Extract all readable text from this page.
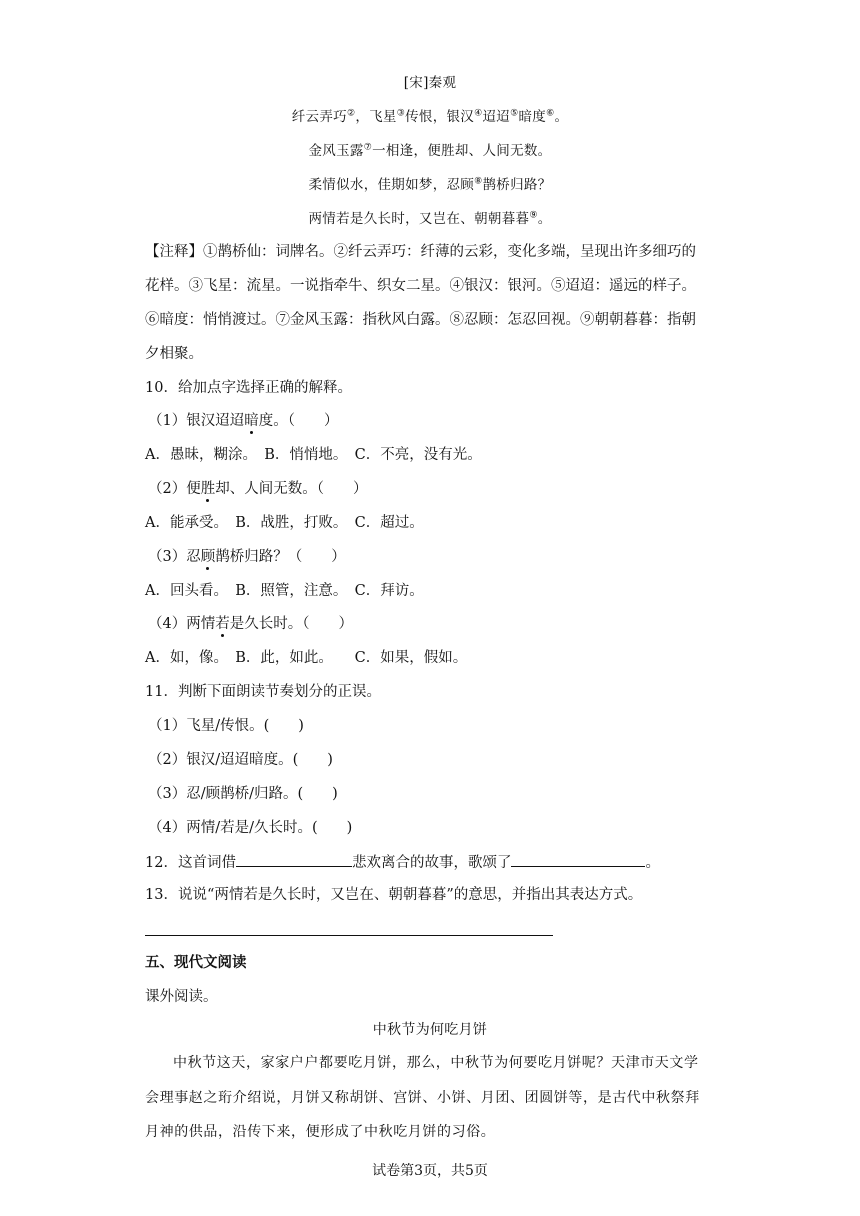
[宋]秦观
纤云弄巧②，飞星③传恨，银汉④迢迢⑤暗度⑥。
金风玉露⑦一相逢，便胜却、人间无数。
柔情似水，佳期如梦，忍顾⑧鹊桥归路？
两情若是久长时，又岂在、朝朝暮暮⑨。
【注释】①鹊桥仙：词牌名。②纤云弄巧：纤薄的云彩，变化多端，呈现出许多细巧的
花样。③飞星：流星。一说指牵牛、织女二星。④银汉：银河。⑤迢迢：遥远的样子。
⑥暗度：悄悄渡过。⑦金风玉露：指秋风白露。⑧忍顾：怎忍回视。⑨朝朝暮暮：指朝
夕相聚。
10．给加点字选择正确的解释。
（1）银汉迢迢暗度。（　　）
A．愚昧，糊涂。　B．悄悄地。　C．不亮，没有光。
（2）便胜却、人间无数。（　　）
A．能承受。　B．战胜，打败。　C．超过。
（3）忍顾鹊桥归路？（　　）
A．回头看。　B．照管，注意。　C．拜访。
（4）两情若是久长时。（　　）
A．如，像。　B．此，如此。　　C．如果，假如。
11．判断下面朗读节奏划分的正误。
（1）飞星/传恨。(　　)
（2）银汉/迢迢暗度。(　　)
（3）忍/顾鹊桥/归路。(　　)
（4）两情/若是/久长时。(　　)
12．这首词借	悲欢离合的故事，歌颂了	。
13．说说“两情若是久长时，又岂在、朝朝暮暮”的意思，并指出其表达方式。
五、现代文阅读
课外阅读。
中秋节为何吃月饼
中秋节这天，家家户户都要吃月饼，那么，中秋节为何要吃月饼呢？天津市天文学
会理事赵之珩介绍说，月饼又称胡饼、宫饼、小饼、月团、团圆饼等，是古代中秋祭拜
月神的供品，沿传下来，便形成了中秋吃月饼的习俗。
试卷第3页，共5页
